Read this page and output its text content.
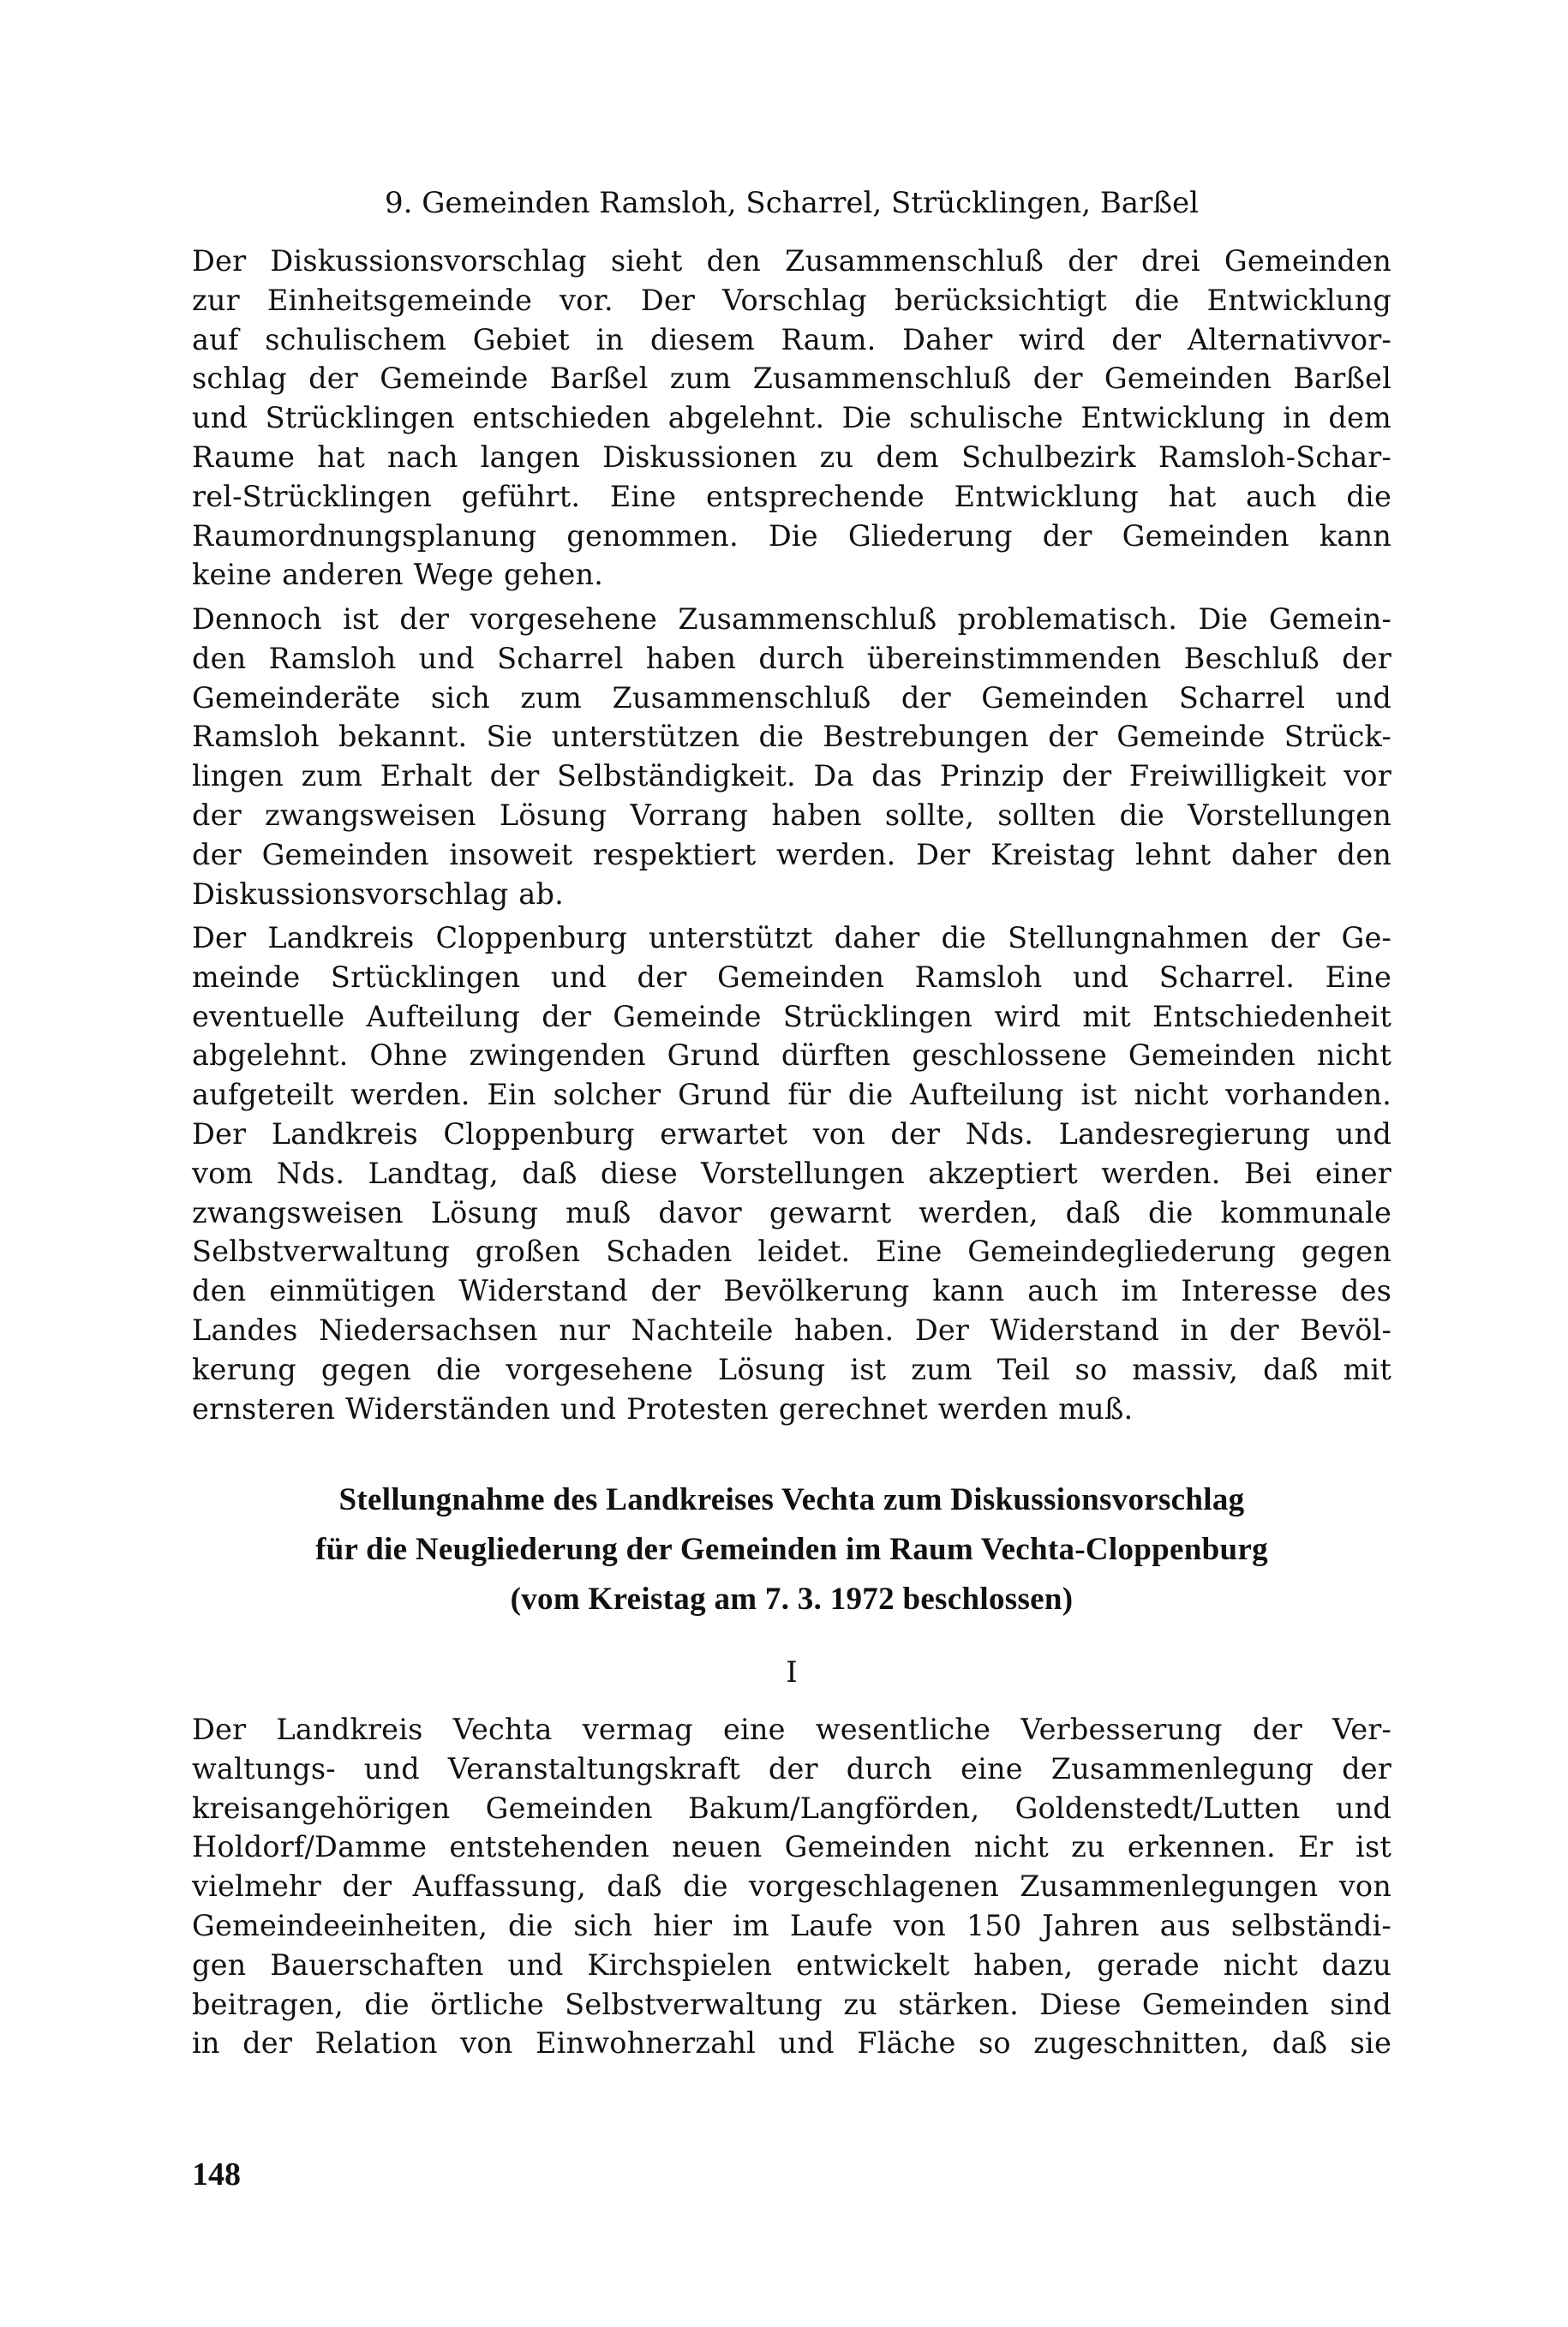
9. Gemeinden Ramsloh, Scharrel, Strücklingen, Barßel

Der Diskussionsvorschlag sieht den Zusammenschluß der drei Gemeinden
zur Einheitsgemeinde vor. Der Vorschlag berücksichtigt die Entwicklung
auf schulischem Gebiet in diesem Raum. Daher wird der Alternativvor-
schlag der Gemeinde Barßel zum Zusammenschluß der Gemeinden Barßel
und Strücklingen entschieden abgelehnt. Die schulische Entwicklung in dem
Raume hat nach langen Diskussionen zu dem Schulbezirk Ramsloh-Schar-
rel-Strücklingen geführt. Eine entsprechende Entwicklung hat auch die
Raumordnungsplanung genommen. Die Gliederung der Gemeinden kann
keine anderen Wege gehen.

Dennoch ist der vorgesehene Zusammenschluß problematisch. Die Gemein-
den Ramsloh und Scharrel haben durch übereinstimmenden Beschluß der
Gemeinderäte sich zum Zusammenschluß der Gemeinden Scharrel und
Ramsloh bekannt. Sie unterstützen die Bestrebungen der Gemeinde Strück-
lingen zum Erhalt der Selbständigkeit. Da das Prinzip der Freiwilligkeit vor
der zwangsweisen Lösung Vorrang haben sollte, sollten die Vorstellungen
der Gemeinden insoweit respektiert werden. Der Kreistag lehnt daher den
Diskussionsvorschlag ab.

Der Landkreis Cloppenburg unterstützt daher die Stellungnahmen der Ge-
meinde Srtücklingen und der Gemeinden Ramsloh und Scharrel. Eine
eventuelle Aufteilung der Gemeinde Strücklingen wird mit Entschiedenheit
abgelehnt. Ohne zwingenden Grund dürften geschlossene Gemeinden nicht
aufgeteilt werden. Ein solcher Grund für die Aufteilung ist nicht vorhanden.
Der Landkreis Cloppenburg erwartet von der Nds. Landesregierung und
vom Nds. Landtag, daß diese Vorstellungen akzeptiert werden. Bei einer
zwangsweisen Lösung muß davor gewarnt werden, daß die kommunale
Selbstverwaltung großen Schaden leidet. Eine Gemeindegliederung gegen
den einmütigen Widerstand der Bevölkerung kann auch im Interesse des
Landes Niedersachsen nur Nachteile haben. Der Widerstand in der Bevöl-
kerung gegen die vorgesehene Lösung ist zum Teil so massiv, daß mit
ernsteren Widerständen und Protesten gerechnet werden muß.

Stellungnahme des Landkreises Vechta zum Diskussionsvorschlag
für die Neugliederung der Gemeinden im Raum Vechta-Cloppenburg
(vom Kreistag am 7. 3. 1972 beschlossen)

I

Der Landkreis Vechta vermag eine wesentliche Verbesserung der Ver-
waltungs- und Veranstaltungskraft der durch eine Zusammenlegung der
kreisangehörigen Gemeinden Bakum/Langförden, Goldenstedt/Lutten und
Holdorf/Damme entstehenden neuen Gemeinden nicht zu erkennen. Er ist
vielmehr der Auffassung, daß die vorgeschlagenen Zusammenlegungen von
Gemeindeeinheiten, die sich hier im Laufe von 150 Jahren aus selbständi-
gen Bauerschaften und Kirchspielen entwickelt haben, gerade nicht dazu
beitragen, die örtliche Selbstverwaltung zu stärken. Diese Gemeinden sind
in der Relation von Einwohnerzahl und Fläche so zugeschnitten, daß sie

148
